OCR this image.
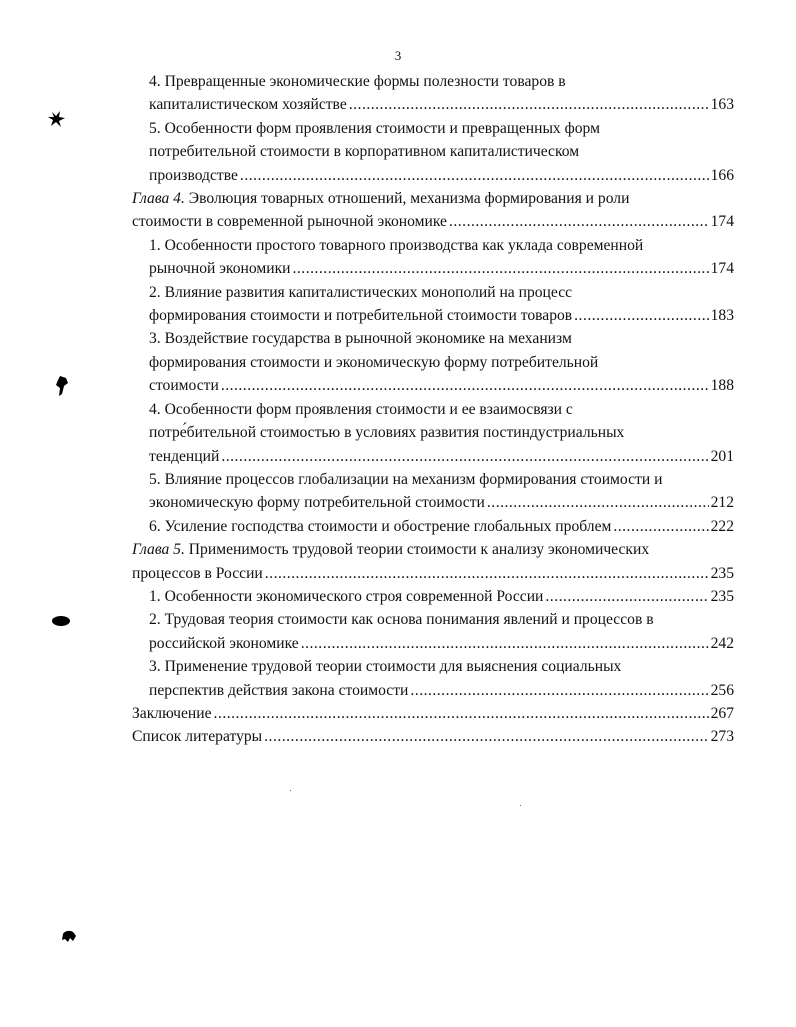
3
4. Превращенные экономические формы полезности товаров в
капиталистическом хозяйстве .....	163
5. Особенности форм проявления стоимости и превращенных форм
потребительной стоимости в корпоративном капиталистическом
производстве .....	166
Глава 4. Эволюция товарных отношений, механизма формирования и роли
стоимости в современной рыночной экономике .....	174
1. Особенности простого товарного производства как уклада современной
рыночной экономики .....	174
2. Влияние развития капиталистических монополий на процесс
формирования стоимости и потребительной стоимости товаров .....	183
3. Воздействие государства в рыночной экономике на механизм
формирования стоимости и экономическую форму потребительной
стоимости .....	188
4. Особенности форм проявления стоимости и ее взаимосвязи с
потре́бительной стоимостью в условиях развития постиндустриальных
тенденций .....	201
5. Влияние процессов глобализации на механизм формирования стоимости и
экономическую форму потребительной стоимости .....	212
6. Усиление господства стоимости и обострение глобальных проблем .....	222
Глава 5. Применимость трудовой теории стоимости к анализу экономических
процессов в России .....	235
1. Особенности экономического строя современной России .....	235
2. Трудовая теория стоимости как основа понимания явлений и процессов в
российской экономике .....	242
3. Применение трудовой теории стоимости для выяснения социальных
перспектив действия закона стоимости .....	256
Заключение .....	267
Список литературы .....	273
